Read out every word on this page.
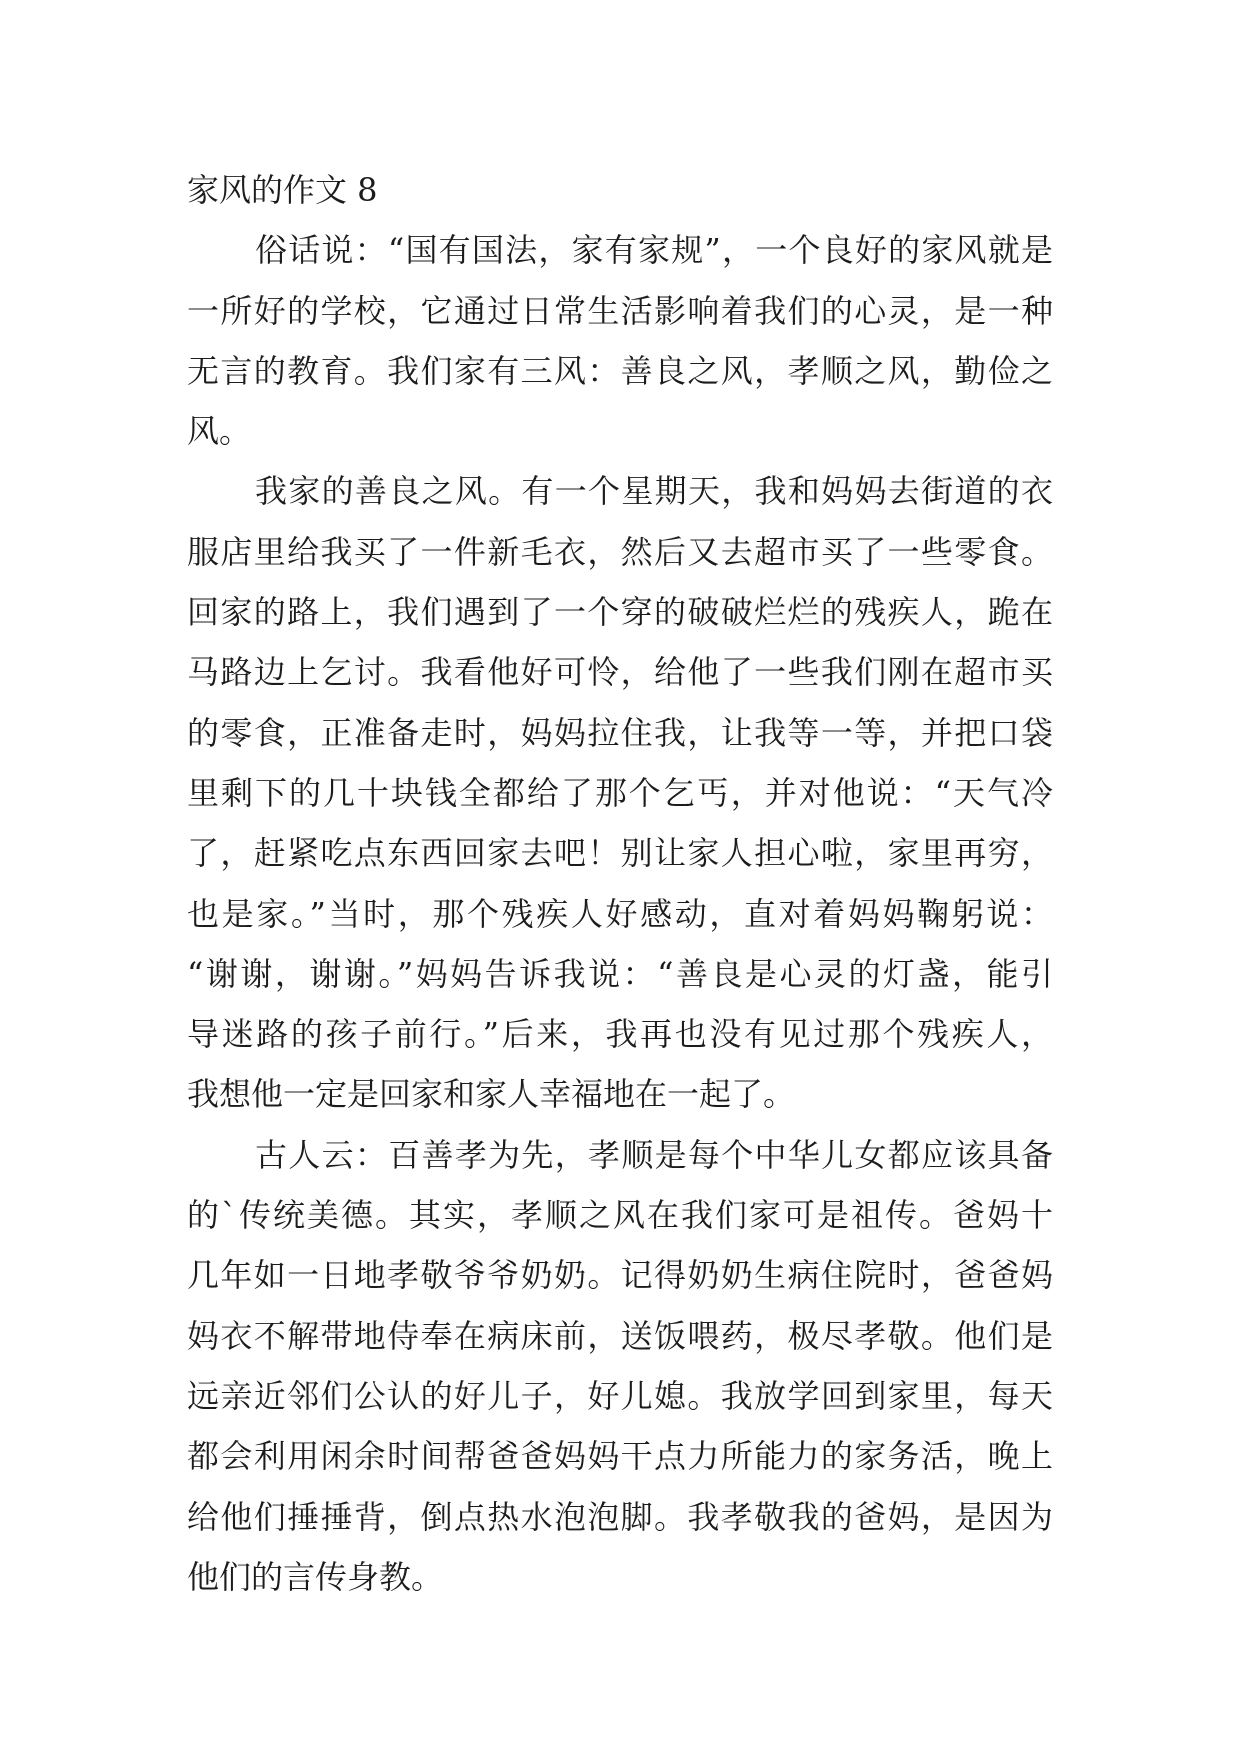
家风的作文 8
俗话说：“国有国法，家有家规”，一个良好的家风就是
一所好的学校，它通过日常生活影响着我们的心灵，是一种
无言的教育。我们家有三风：善良之风，孝顺之风，勤俭之
风。
我家的善良之风。有一个星期天，我和妈妈去街道的衣
服店里给我买了一件新毛衣，然后又去超市买了一些零食。
回家的路上，我们遇到了一个穿的破破烂烂的残疾人，跪在
马路边上乞讨。我看他好可怜，给他了一些我们刚在超市买
的零食，正准备走时，妈妈拉住我，让我等一等，并把口袋
里剩下的几十块钱全都给了那个乞丐，并对他说：“天气冷
了，赶紧吃点东西回家去吧！别让家人担心啦，家里再穷，
也是家。”当时，那个残疾人好感动，直对着妈妈鞠躬说：
“谢谢，谢谢。”妈妈告诉我说：“善良是心灵的灯盏，能引
导迷路的孩子前行。”后来，我再也没有见过那个残疾人，
我想他一定是回家和家人幸福地在一起了。
古人云：百善孝为先，孝顺是每个中华儿女都应该具备
的`传统美德。其实，孝顺之风在我们家可是祖传。爸妈十
几年如一日地孝敬爷爷奶奶。记得奶奶生病住院时，爸爸妈
妈衣不解带地侍奉在病床前，送饭喂药，极尽孝敬。他们是
远亲近邻们公认的好儿子，好儿媳。我放学回到家里，每天
都会利用闲余时间帮爸爸妈妈干点力所能力的家务活，晚上
给他们捶捶背，倒点热水泡泡脚。我孝敬我的爸妈，是因为
他们的言传身教。
